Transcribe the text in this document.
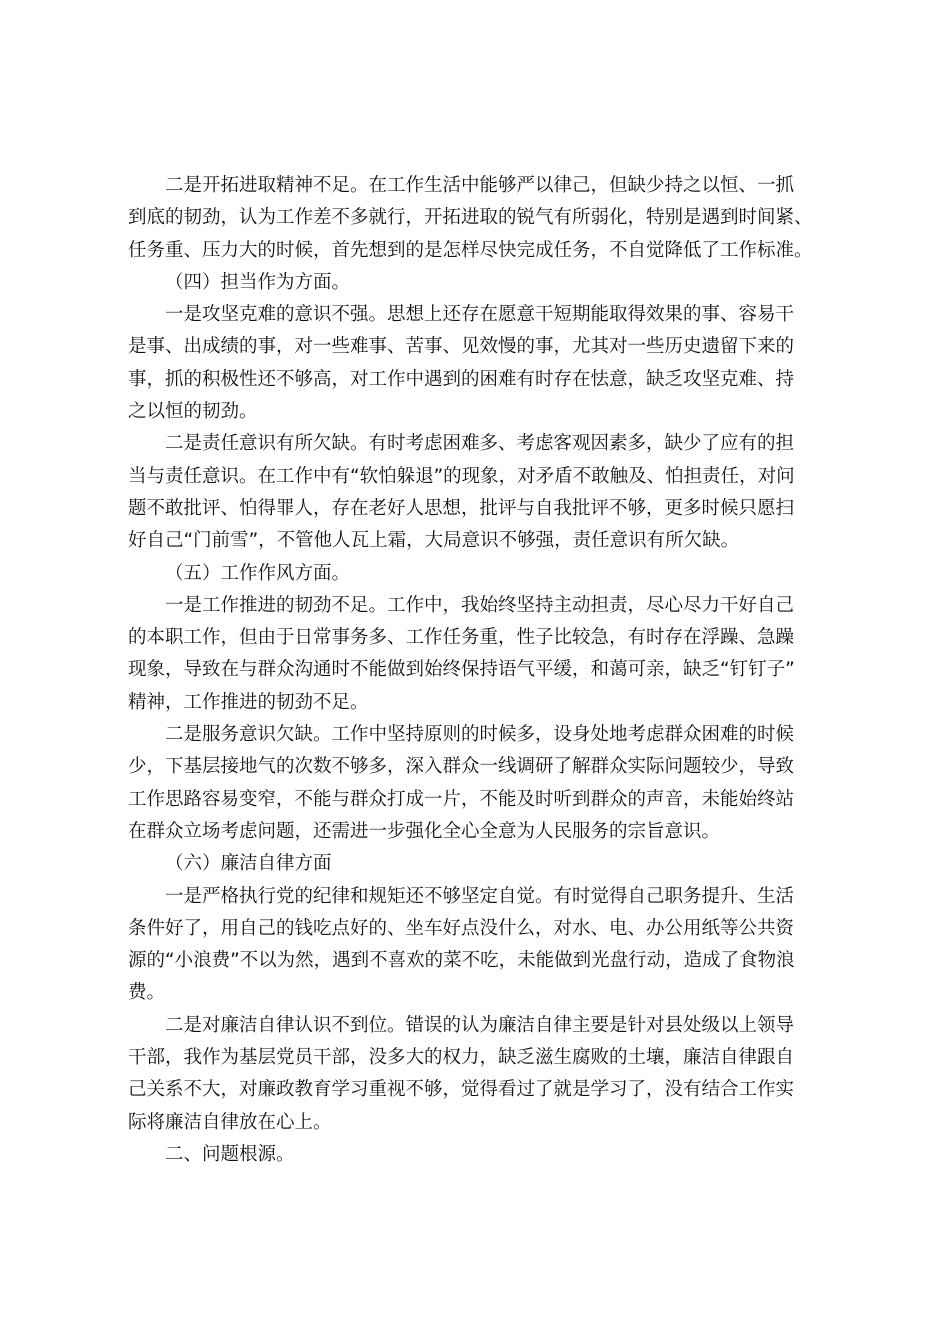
二是开拓进取精神不足。在工作生活中能够严以律己，但缺少持之以恒、一抓
到底的韧劲，认为工作差不多就行，开拓进取的锐气有所弱化，特别是遇到时间紧、
任务重、压力大的时候，首先想到的是怎样尽快完成任务，不自觉降低了工作标准。

（四）担当作为方面。

一是攻坚克难的意识不强。思想上还存在愿意干短期能取得效果的事、容易干
是事、出成绩的事，对一些难事、苦事、见效慢的事，尤其对一些历史遗留下来的
事，抓的积极性还不够高，对工作中遇到的困难有时存在怯意，缺乏攻坚克难、持
之以恒的韧劲。

二是责任意识有所欠缺。有时考虑困难多、考虑客观因素多，缺少了应有的担
当与责任意识。在工作中有“软怕躲退”的现象，对矛盾不敢触及、怕担责任，对问
题不敢批评、怕得罪人，存在老好人思想，批评与自我批评不够，更多时候只愿扫
好自己“门前雪”，不管他人瓦上霜，大局意识不够强，责任意识有所欠缺。

（五）工作作风方面。

一是工作推进的韧劲不足。工作中，我始终坚持主动担责，尽心尽力干好自己
的本职工作，但由于日常事务多、工作任务重，性子比较急，有时存在浮躁、急躁
现象，导致在与群众沟通时不能做到始终保持语气平缓，和蔼可亲，缺乏“钉钉子”
精神，工作推进的韧劲不足。

二是服务意识欠缺。工作中坚持原则的时候多，设身处地考虑群众困难的时候
少，下基层接地气的次数不够多，深入群众一线调研了解群众实际问题较少，导致
工作思路容易变窄，不能与群众打成一片，不能及时听到群众的声音，未能始终站
在群众立场考虑问题，还需进一步强化全心全意为人民服务的宗旨意识。

（六）廉洁自律方面

一是严格执行党的纪律和规矩还不够坚定自觉。有时觉得自己职务提升、生活
条件好了，用自己的钱吃点好的、坐车好点没什么，对水、电、办公用纸等公共资
源的“小浪费”不以为然，遇到不喜欢的菜不吃，未能做到光盘行动，造成了食物浪
费。

二是对廉洁自律认识不到位。错误的认为廉洁自律主要是针对县处级以上领导
干部，我作为基层党员干部，没多大的权力，缺乏滋生腐败的土壤，廉洁自律跟自
己关系不大，对廉政教育学习重视不够，觉得看过了就是学习了，没有结合工作实
际将廉洁自律放在心上。

二、问题根源。
